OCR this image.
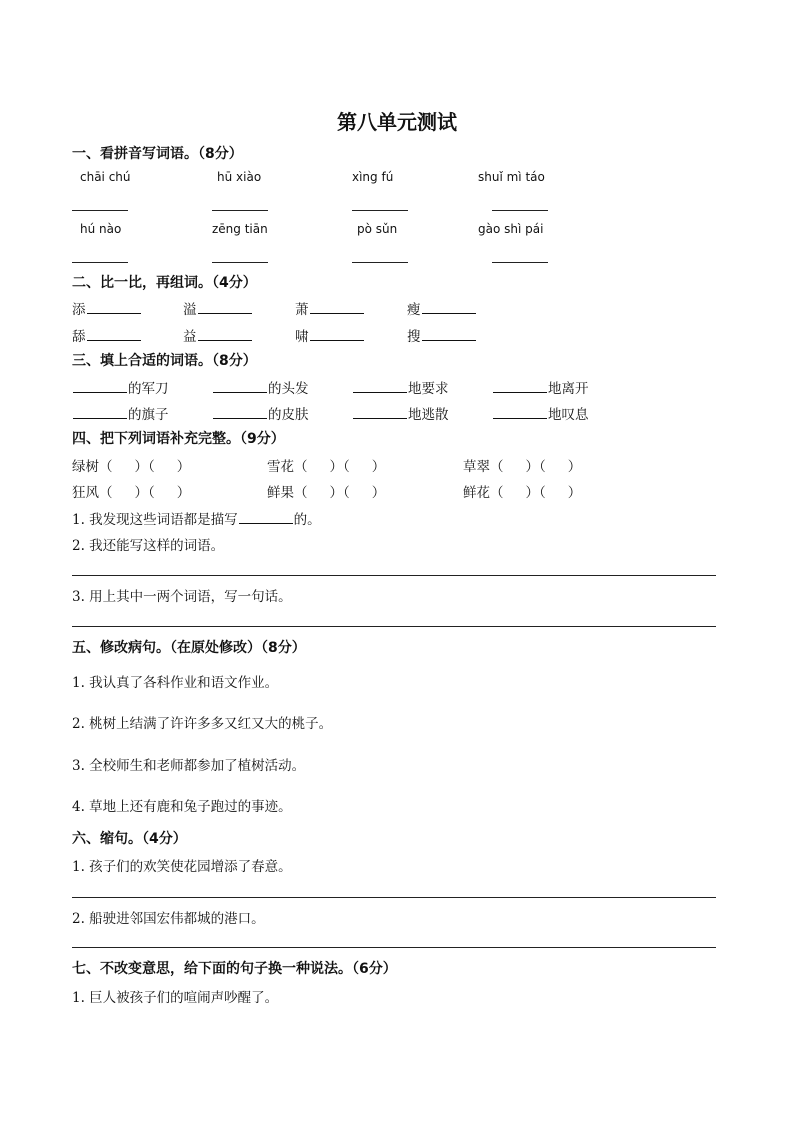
第八单元测试
一、看拼音写词语。（8分）
chāi chú	hū xiào	xìng fú	shuǐ mì táo
hú nào	zēng tiān	pò sǔn	gào shì pái
二、比一比，再组词。（4分）
添	溢	萧	瘦
舔	益	啸	搜
三、填上合适的词语。（8分）
的军刀	的头发	地要求	地离开
的旗子	的皮肤	地逃散	地叹息
四、把下列词语补充完整。（9分）
绿树（ ）（ ）	雪花（ ）（ ）	草翠（ ）（ ）
狂风（ ）（ ）	鲜果（ ）（ ）	鲜花（ ）（ ）
1. 我发现这些词语都是描写	的。
2. 我还能写这样的词语。
3. 用上其中一两个词语，写一句话。
五、修改病句。（在原处修改）（8分）
1. 我认真了各科作业和语文作业。
2. 桃树上结满了许许多多又红又大的桃子。
3. 全校师生和老师都参加了植树活动。
4. 草地上还有鹿和兔子跑过的事迹。
六、缩句。（4分）
1. 孩子们的欢笑使花园增添了春意。
2. 船驶进邻国宏伟都城的港口。
七、不改变意思，给下面的句子换一种说法。（6分）
1. 巨人被孩子们的喧闹声吵醒了。
